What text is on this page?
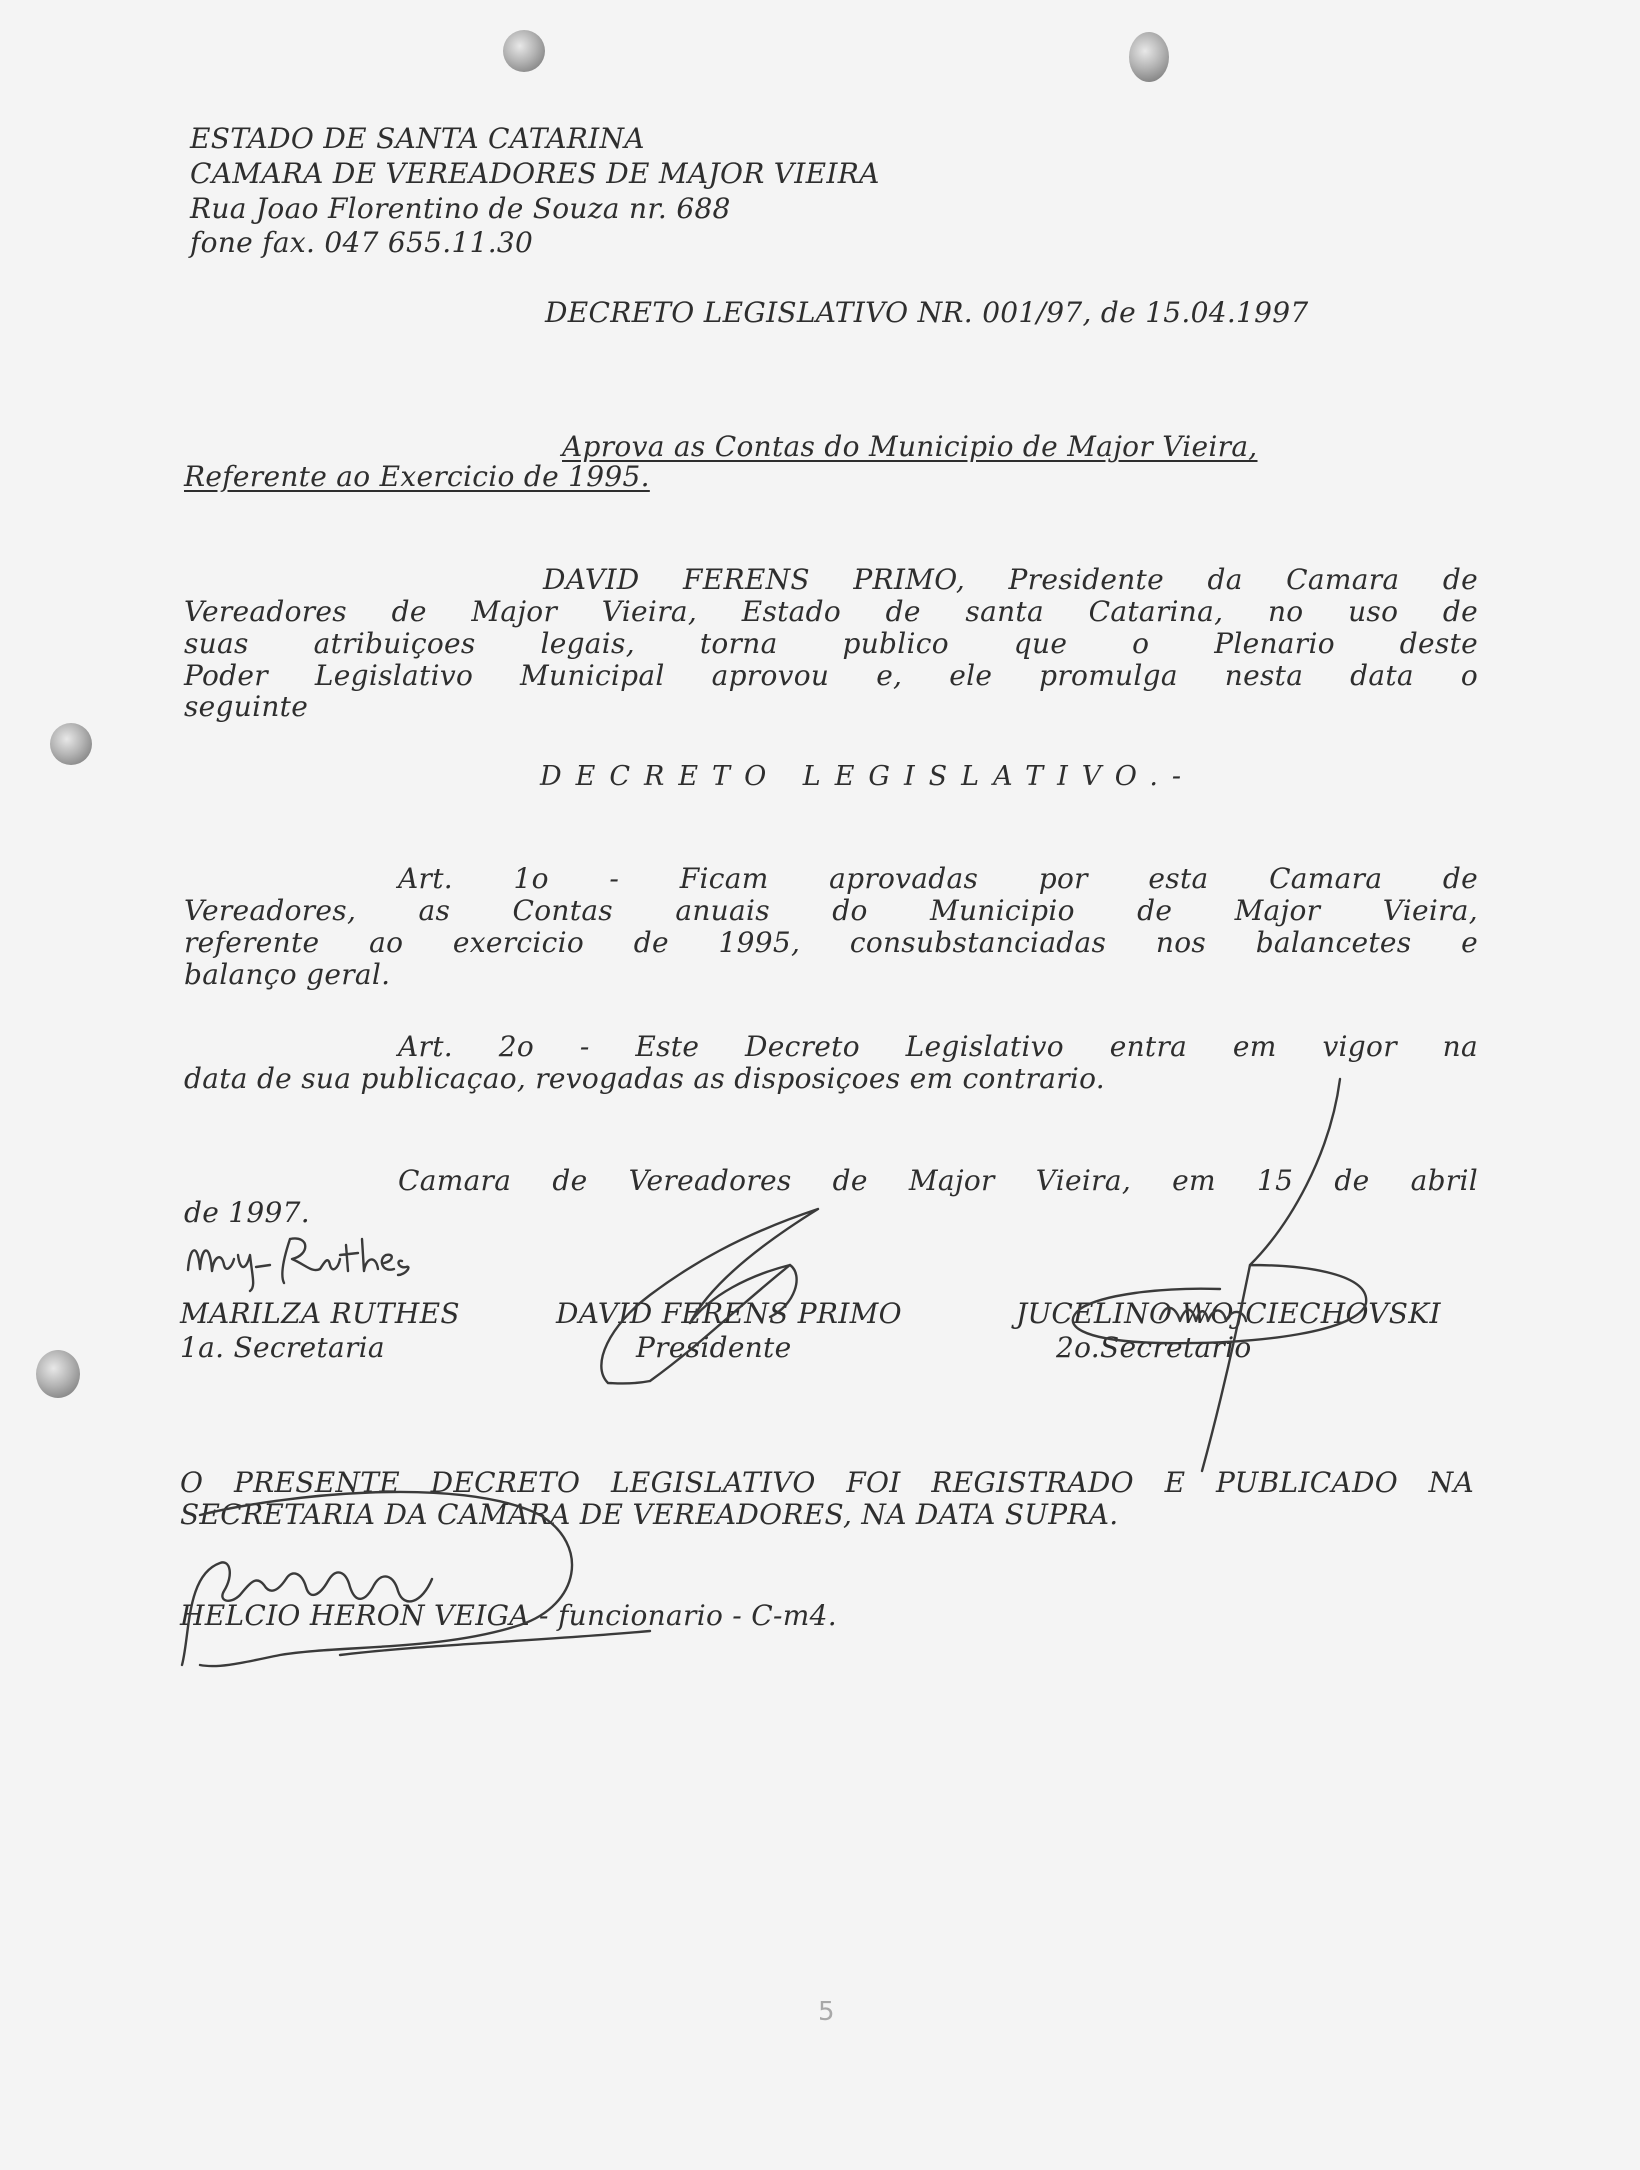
ESTADO DE SANTA CATARINA

CAMARA DE VEREADORES DE MAJOR VIEIRA

Rua Joao Florentino de Souza nr. 688

fone fax. 047 655.11.30

DECRETO LEGISLATIVO NR. 001/97, de 15.04.1997

Aprova as Contas do Municipio de Major Vieira,

Referente ao Exercicio de 1995.

DAVID FERENS PRIMO, Presidente da Camara de

Vereadores de Major Vieira, Estado de santa Catarina, no uso de

suas atribuiçoes legais, torna publico que o Plenario deste

Poder Legislativo Municipal aprovou e, ele promulga nesta data o

seguinte

DECRETO LEGISLATIVO.-

Art. 1o - Ficam aprovadas por esta Camara de

Vereadores, as Contas anuais do Municipio de Major Vieira,

referente ao exercicio de 1995, consubstanciadas nos balancetes e

balanço geral.

Art. 2o - Este Decreto Legislativo entra em vigor na

data de sua publicaçao, revogadas as disposiçoes em contrario.

Camara de Vereadores de Major Vieira, em 15 de abril

de 1997.

MARILZA RUTHES

1a. Secretaria

DAVID FERENS PRIMO

Presidente

JUCELINO WOJCIECHOVSKI

2o.Secretario

O PRESENTE DECRETO LEGISLATIVO FOI REGISTRADO E PUBLICADO NA

SECRETARIA DA CAMARA DE VEREADORES, NA DATA SUPRA.

HELCIO HERON VEIGA - funcionario - C-m4.

5
